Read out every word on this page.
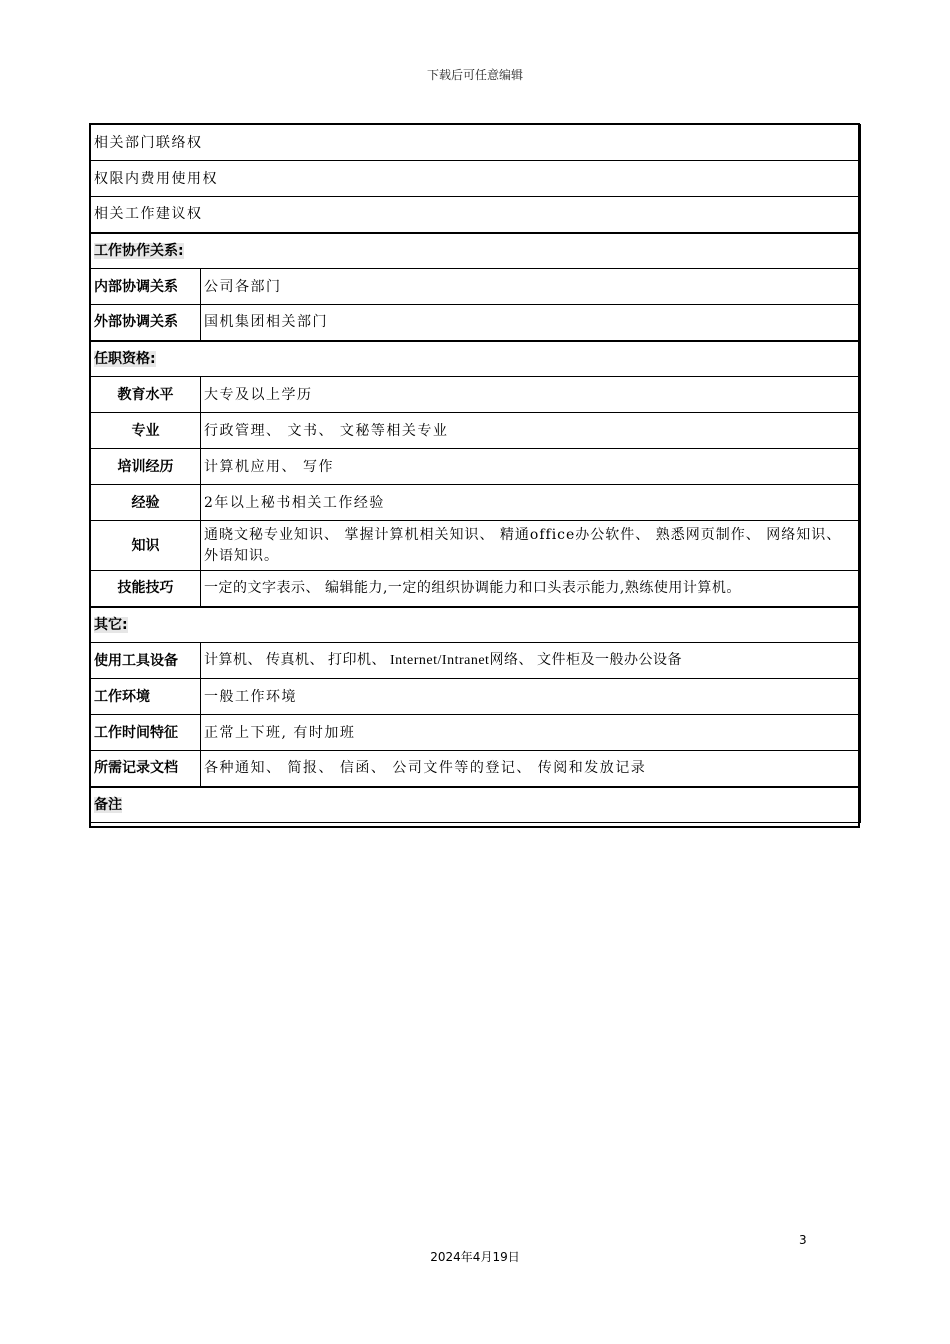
下载后可任意编辑
相关部门联络权	
权限内费用使用权	
相关工作建议权	
工作协作关系:	
内部协调关系	公司各部门
外部协调关系	国机集团相关部门
任职资格:	
教育水平	大专及以上学历
专业	行政管理、 文书、 文秘等相关专业
培训经历	计算机应用、 写作
经验	2年以上秘书相关工作经验
知识	通晓文秘专业知识、 掌握计算机相关知识、 精通office办公软件、 熟悉网页制作、 网络知识、 外语知识。
技能技巧	一定的文字表示、 编辑能力,一定的组织协调能力和口头表示能力,熟练使用计算机。
其它:	
使用工具设备	计算机、 传真机、 打印机、 Internet/Intranet网络、 文件柜及一般办公设备
工作环境	一般工作环境
工作时间特征	正常上下班, 有时加班
所需记录文档	各种通知、 简报、 信函、 公司文件等的登记、 传阅和发放记录
备注	
3
2024年4月19日
